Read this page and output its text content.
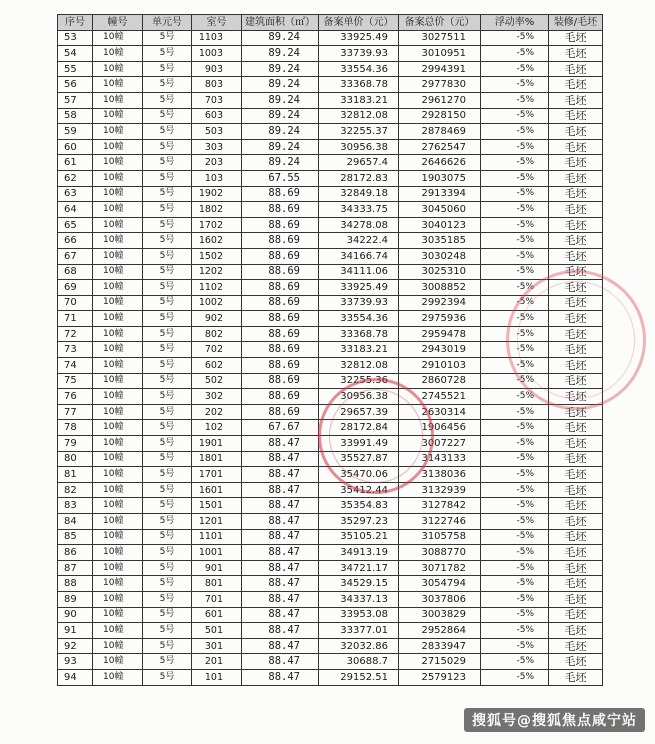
序号	幢号	单元号	室号	建筑面积（㎡）	备案单价（元）	备案总价（元）	浮动率%	装修/毛坯
53	10幢	5号	1103	89.24	33925.49	3027511	-5%	毛坯
54	10幢	5号	1003	89.24	33739.93	3010951	-5%	毛坯
55	10幢	5号	903	89.24	33554.36	2994391	-5%	毛坯
56	10幢	5号	803	89.24	33368.78	2977830	-5%	毛坯
57	10幢	5号	703	89.24	33183.21	2961270	-5%	毛坯
58	10幢	5号	603	89.24	32812.08	2928150	-5%	毛坯
59	10幢	5号	503	89.24	32255.37	2878469	-5%	毛坯
60	10幢	5号	303	89.24	30956.38	2762547	-5%	毛坯
61	10幢	5号	203	89.24	29657.4	2646626	-5%	毛坯
62	10幢	5号	103	67.55	28172.83	1903075	-5%	毛坯
63	10幢	5号	1902	88.69	32849.18	2913394	-5%	毛坯
64	10幢	5号	1802	88.69	34333.75	3045060	-5%	毛坯
65	10幢	5号	1702	88.69	34278.08	3040123	-5%	毛坯
66	10幢	5号	1602	88.69	34222.4	3035185	-5%	毛坯
67	10幢	5号	1502	88.69	34166.74	3030248	-5%	毛坯
68	10幢	5号	1202	88.69	34111.06	3025310	-5%	毛坯
69	10幢	5号	1102	88.69	33925.49	3008852	-5%	毛坯
70	10幢	5号	1002	88.69	33739.93	2992394	-5%	毛坯
71	10幢	5号	902	88.69	33554.36	2975936	-5%	毛坯
72	10幢	5号	802	88.69	33368.78	2959478	-5%	毛坯
73	10幢	5号	702	88.69	33183.21	2943019	-5%	毛坯
74	10幢	5号	602	88.69	32812.08	2910103	-5%	毛坯
75	10幢	5号	502	88.69	32255.36	2860728	-5%	毛坯
76	10幢	5号	302	88.69	30956.38	2745521	-5%	毛坯
77	10幢	5号	202	88.69	29657.39	2630314	-5%	毛坯
78	10幢	5号	102	67.67	28172.84	1906456	-5%	毛坯
79	10幢	5号	1901	88.47	33991.49	3007227	-5%	毛坯
80	10幢	5号	1801	88.47	35527.87	3143133	-5%	毛坯
81	10幢	5号	1701	88.47	35470.06	3138036	-5%	毛坯
82	10幢	5号	1601	88.47	35412.44	3132939	-5%	毛坯
83	10幢	5号	1501	88.47	35354.83	3127842	-5%	毛坯
84	10幢	5号	1201	88.47	35297.23	3122746	-5%	毛坯
85	10幢	5号	1101	88.47	35105.21	3105758	-5%	毛坯
86	10幢	5号	1001	88.47	34913.19	3088770	-5%	毛坯
87	10幢	5号	901	88.47	34721.17	3071782	-5%	毛坯
88	10幢	5号	801	88.47	34529.15	3054794	-5%	毛坯
89	10幢	5号	701	88.47	34337.13	3037806	-5%	毛坯
90	10幢	5号	601	88.47	33953.08	3003829	-5%	毛坯
91	10幢	5号	501	88.47	33377.01	2952864	-5%	毛坯
92	10幢	5号	301	88.47	32032.86	2833947	-5%	毛坯
93	10幢	5号	201	88.47	30688.7	2715029	-5%	毛坯
94	10幢	5号	101	88.47	29152.51	2579123	-5%	毛坯
搜狐号@搜狐焦点咸宁站
